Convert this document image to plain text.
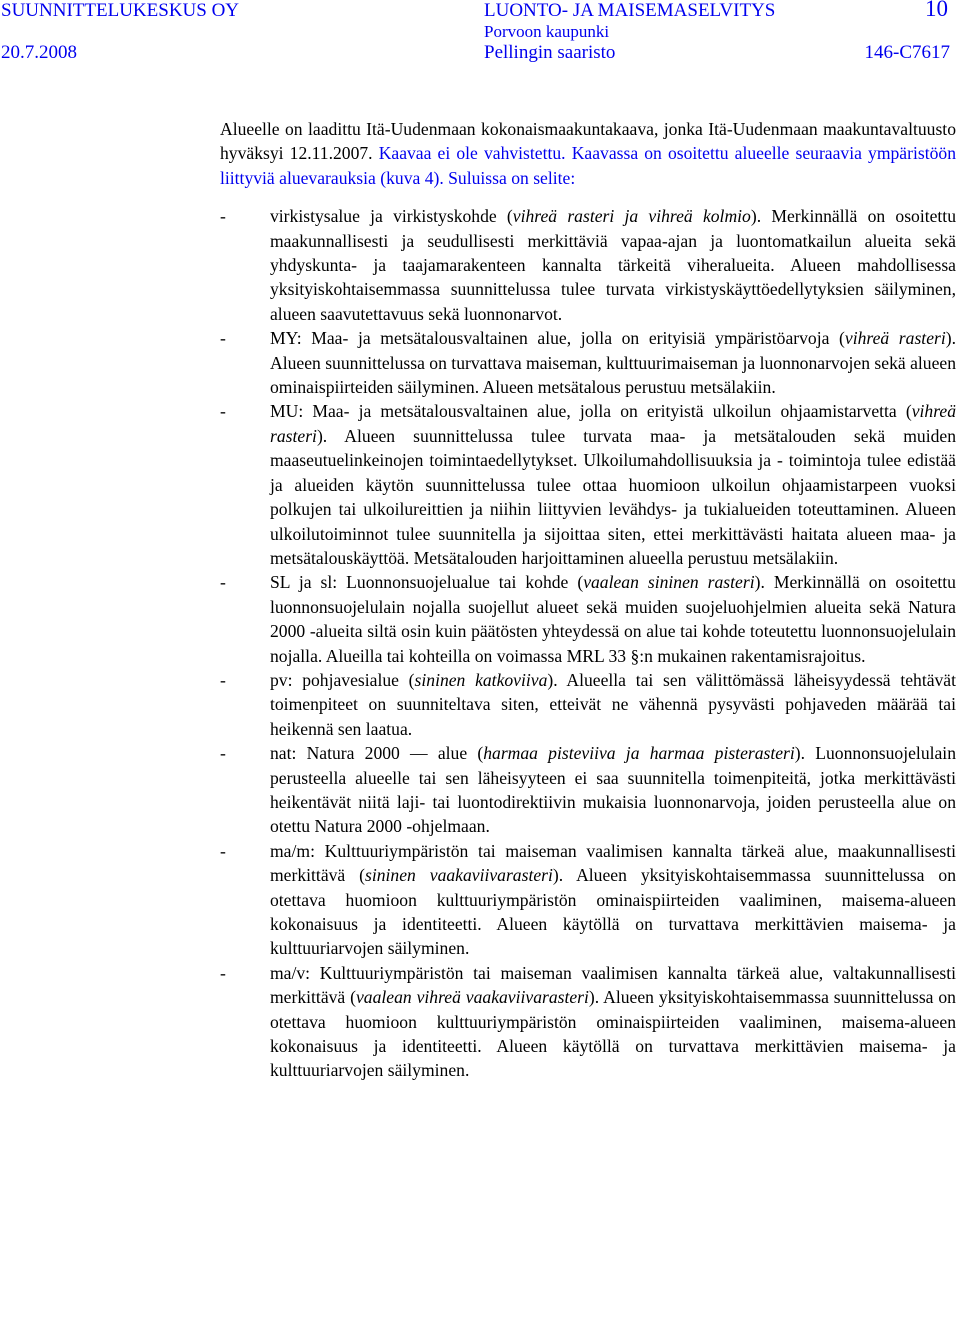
SUUNNITTELUKESKUS OY	LUONTO- JA MAISEMASELVITYS	10
Porvoon kaupunki
20.7.2008	Pellingin saaristo	146-C7617

Alueelle on laadittu Itä-Uudenmaan kokonaismaakuntakaava, jonka Itä-Uudenmaan maakuntavaltuusto hyväksyi 12.11.2007. Kaavaa ei ole vahvistettu. Kaavassa on osoitettu alueelle seuraavia ympäristöön liittyviä aluevarauksia (kuva 4). Suluissa on selite:

-	virkistysalue ja virkistyskohde (vihreä rasteri ja vihreä kolmio). Merkinnällä on osoitettu maakunnallisesti ja seudullisesti merkittäviä vapaa-ajan ja luontomatkailun alueita sekä yhdyskunta- ja taajamarakenteen kannalta tärkeitä viheralueita. Alueen mahdollisessa yksityiskohtaisemmassa suunnittelussa tulee turvata virkistyskäyttöedellytyksien säilyminen, alueen saavutettavuus sekä luonnonarvot.
-	MY: Maa- ja metsätalousvaltainen alue, jolla on erityisiä ympäristöarvoja (vihreä rasteri). Alueen suunnittelussa on turvattava maiseman, kulttuurimaiseman ja luonnonarvojen sekä alueen ominaispiirteiden säilyminen. Alueen metsätalous perustuu metsälakiin.
-	MU: Maa- ja metsätalousvaltainen alue, jolla on erityistä ulkoilun ohjaamistarvetta (vihreä rasteri). Alueen suunnittelussa tulee turvata maa- ja metsätalouden sekä muiden maaseutuelinkeinojen toimintaedellytykset. Ulkoilumahdollisuuksia ja - toimintoja tulee edistää ja alueiden käytön suunnittelussa tulee ottaa huomioon ulkoilun ohjaamistarpeen vuoksi polkujen tai ulkoilureittien ja niihin liittyvien levähdys- ja tukialueiden toteuttaminen. Alueen ulkoilutoiminnot tulee suunnitella ja sijoittaa siten, ettei merkittävästi haitata alueen maa- ja metsätalouskäyttöä. Metsätalouden harjoittaminen alueella perustuu metsälakiin.
-	SL ja sl: Luonnonsuojelualue tai kohde (vaalean sininen rasteri). Merkinnällä on osoitettu luonnonsuojelulain nojalla suojellut alueet sekä muiden suojeluohjelmien alueita sekä Natura 2000 -alueita siltä osin kuin päätösten yhteydessä on alue tai kohde toteutettu luonnonsuojelulain nojalla. Alueilla tai kohteilla on voimassa MRL 33 §:n mukainen rakentamisrajoitus.
-	pv: pohjavesialue (sininen katkoviiva). Alueella tai sen välittömässä läheisyydessä tehtävät toimenpiteet on suunniteltava siten, etteivät ne vähennä pysyvästi pohjaveden määrää tai heikennä sen laatua.
-	nat: Natura 2000 — alue (harmaa pisteviiva ja harmaa pisterasteri). Luonnonsuojelulain perusteella alueelle tai sen läheisyyteen ei saa suunnitella toimenpiteitä, jotka merkittävästi heikentävät niitä laji- tai luontodirektiivin mukaisia luonnonarvoja, joiden perusteella alue on otettu Natura 2000 -ohjelmaan.
-	ma/m: Kulttuuriympäristön tai maiseman vaalimisen kannalta tärkeä alue, maakunnallisesti merkittävä (sininen vaakaviivarasteri). Alueen yksityiskohtaisemmassa suunnittelussa on otettava huomioon kulttuuriympäristön ominaispiirteiden vaaliminen, maisema-alueen kokonaisuus ja identiteetti. Alueen käytöllä on turvattava merkittävien maisema- ja kulttuuriarvojen säilyminen.
-	ma/v: Kulttuuriympäristön tai maiseman vaalimisen kannalta tärkeä alue, valtakunnallisesti merkittävä (vaalean vihreä vaakaviivarasteri). Alueen yksityiskohtaisemmassa suunnittelussa on otettava huomioon kulttuuriympäristön ominaispiirteiden vaaliminen, maisema-alueen kokonaisuus ja identiteetti. Alueen käytöllä on turvattava merkittävien maisema- ja kulttuuriarvojen säilyminen.
